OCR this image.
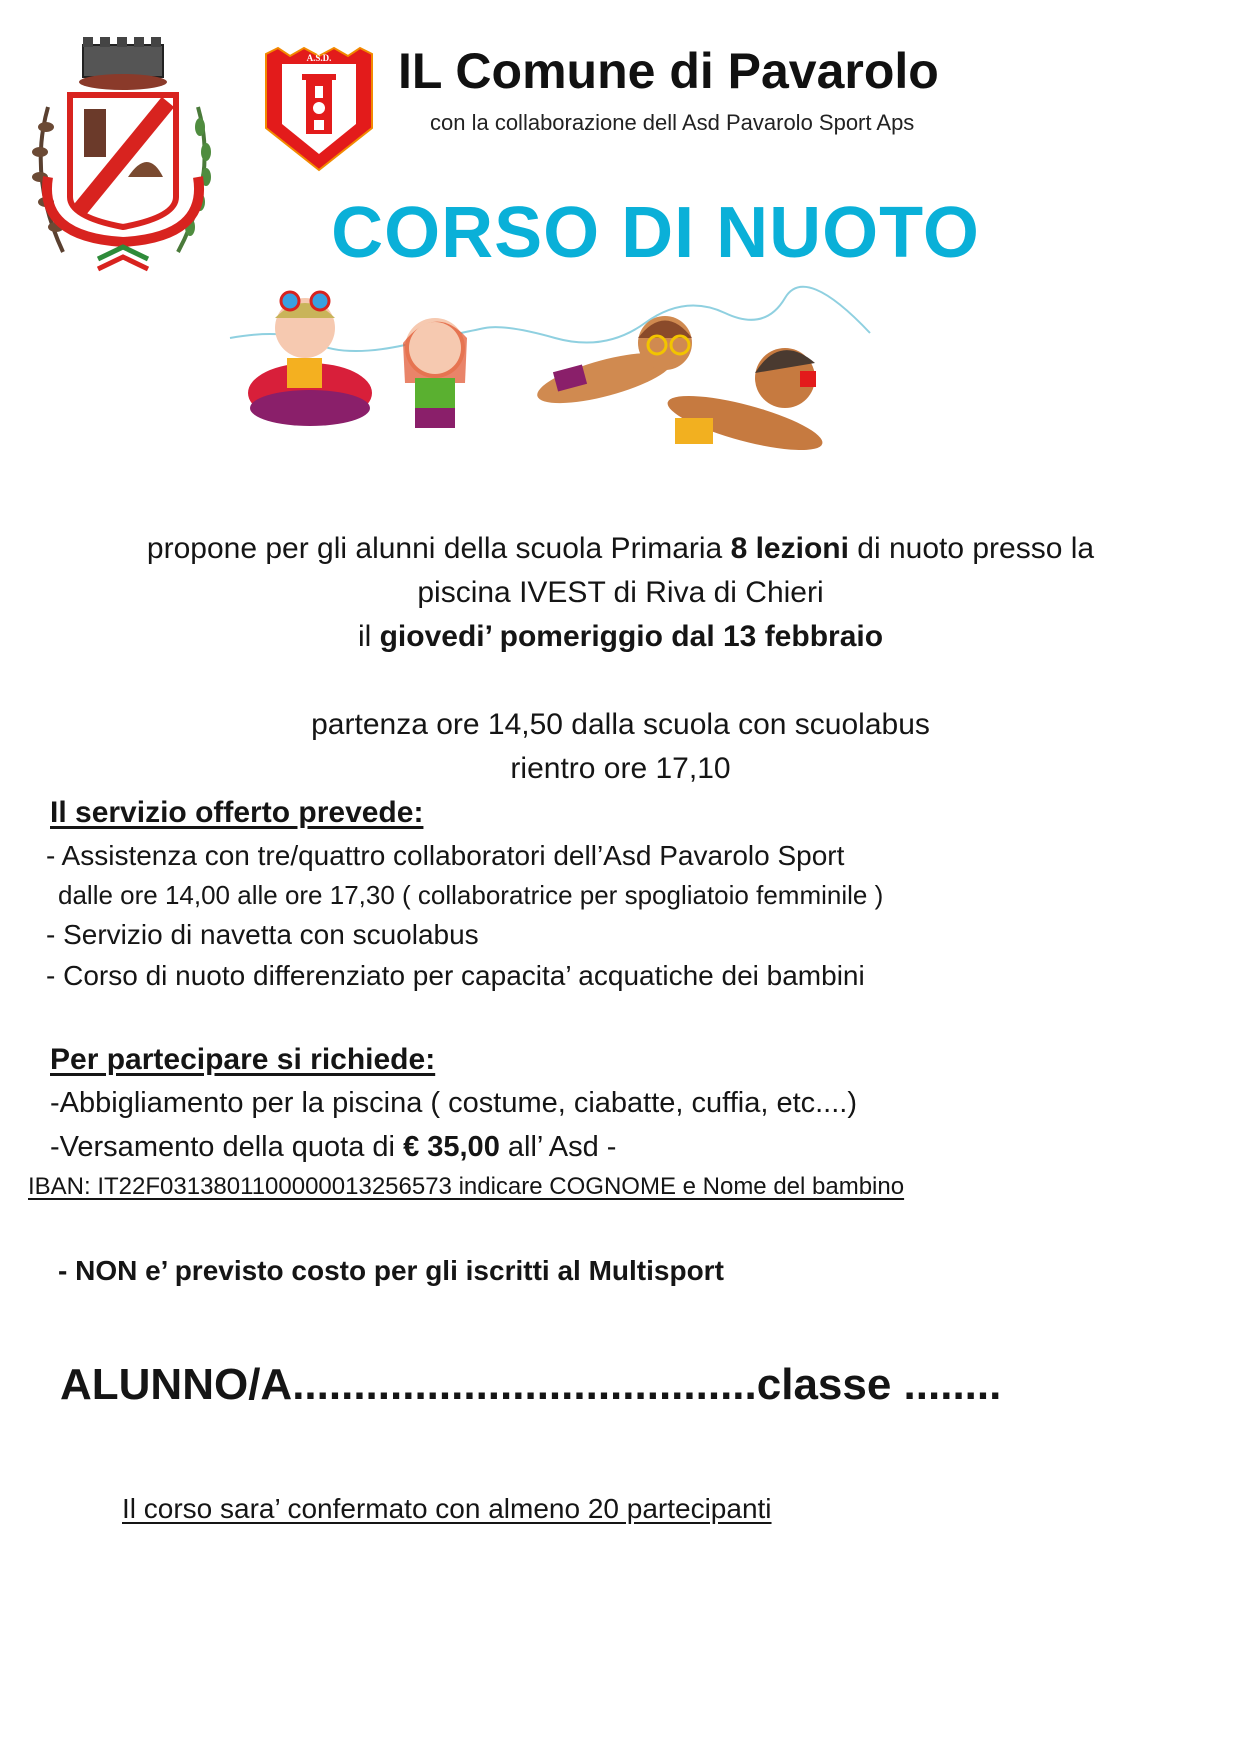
A.S.D. IL Comune di Pavarolo
con la collaborazione dell Asd Pavarolo Sport Aps
CORSO DI NUOTO
propone per gli alunni della scuola Primaria 8 lezioni di nuoto presso la
piscina IVEST di Riva di Chieri
il giovedi’ pomeriggio dal 13 febbraio
partenza ore 14,50 dalla scuola con scuolabus
rientro ore 17,10
Il servizio offerto prevede:
- Assistenza con tre/quattro collaboratori dell’Asd Pavarolo Sport
dalle ore 14,00 alle ore 17,30 ( collaboratrice per spogliatoio femminile )
- Servizio di navetta con scuolabus
- Corso di nuoto differenziato per capacita’ acquatiche dei bambini
Per partecipare si richiede:
-Abbigliamento per la piscina ( costume, ciabatte, cuffia, etc....)
-Versamento della quota di € 35,00 all’ Asd -
IBAN: IT22F0313801100000013256573 indicare COGNOME e Nome del bambino
- NON e’ previsto costo per gli iscritti al Multisport
ALUNNO/A......................................classe ........
Il corso sara’ confermato con almeno 20 partecipanti
